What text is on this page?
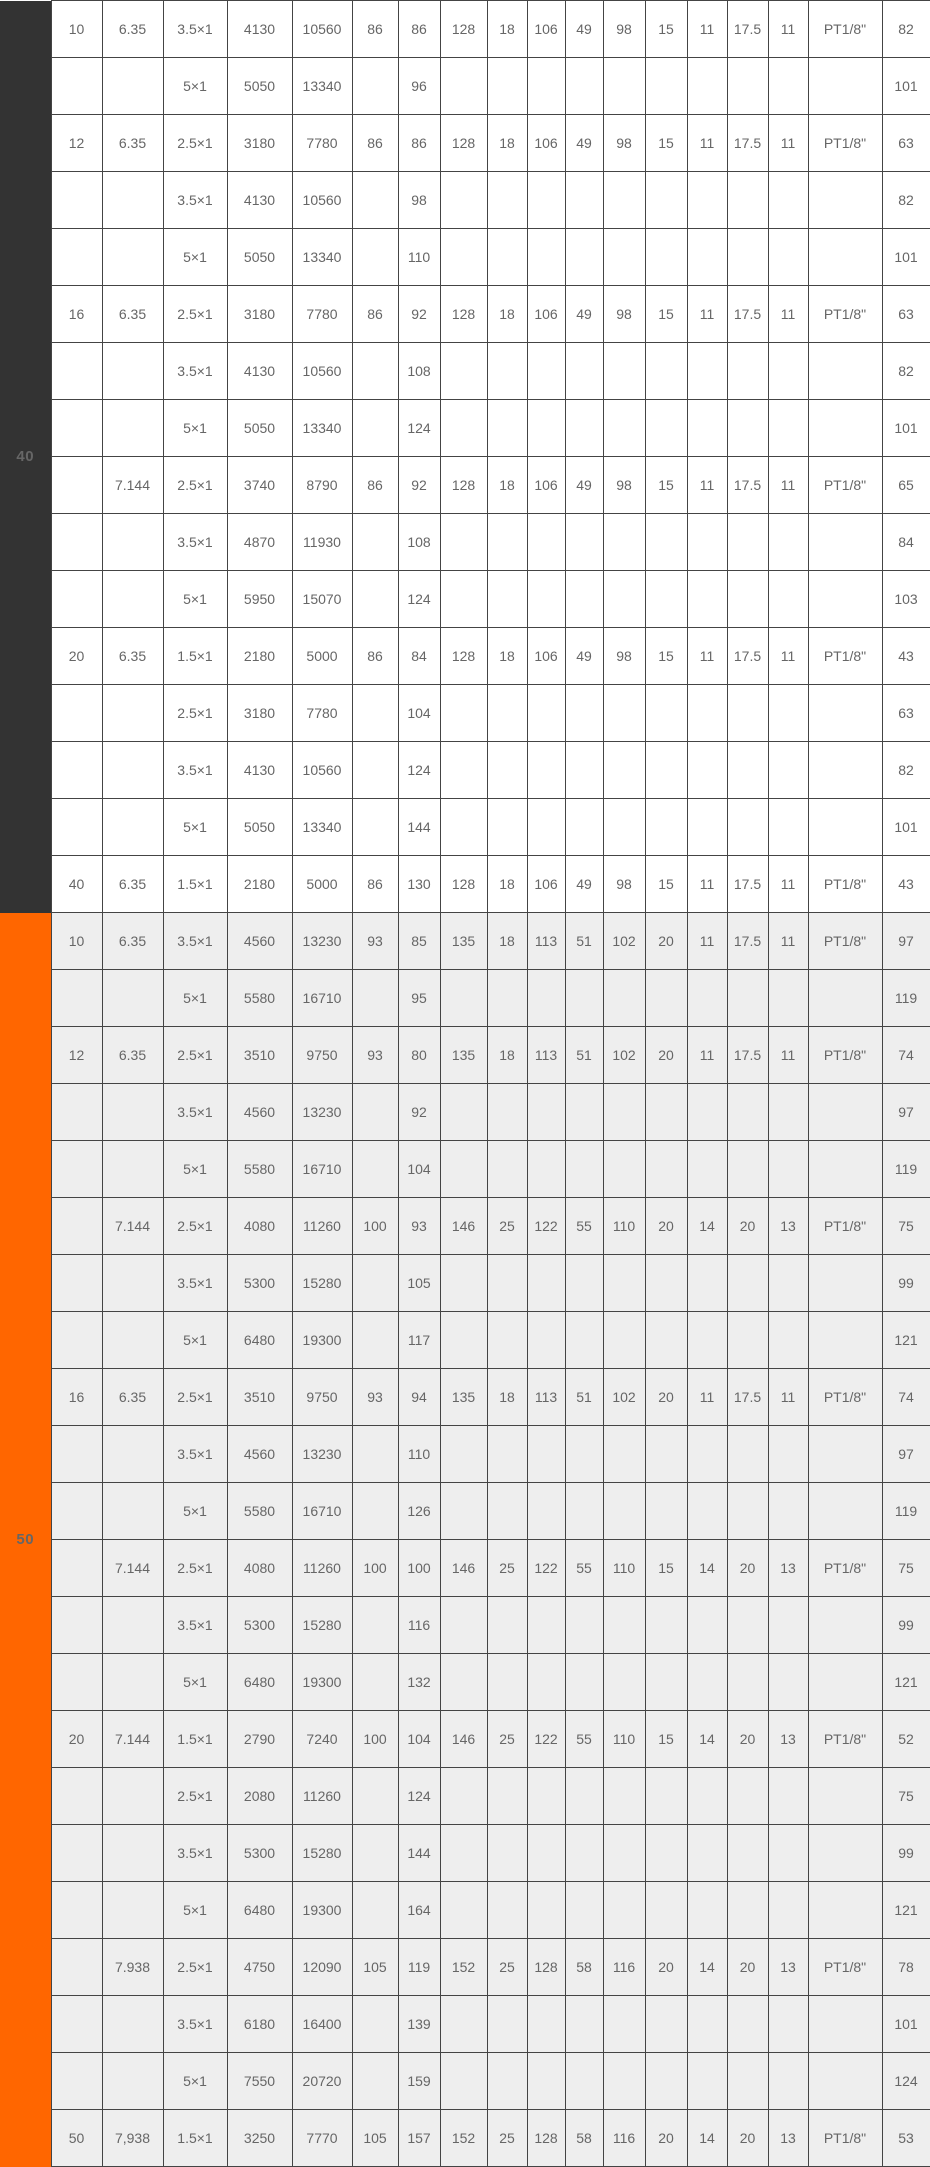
40	10	6.35	3.5×1	4130	10560	86	86	128	18	106	49	98	15	11	17.5	11	PT1/8"	82
			5×1	5050	13340		96											101
	12	6.35	2.5×1	3180	7780	86	86	128	18	106	49	98	15	11	17.5	11	PT1/8"	63
			3.5×1	4130	10560		98											82
			5×1	5050	13340		110											101
	16	6.35	2.5×1	3180	7780	86	92	128	18	106	49	98	15	11	17.5	11	PT1/8"	63
			3.5×1	4130	10560		108											82
			5×1	5050	13340		124											101
		7.144	2.5×1	3740	8790	86	92	128	18	106	49	98	15	11	17.5	11	PT1/8"	65
			3.5×1	4870	11930		108											84
			5×1	5950	15070		124											103
	20	6.35	1.5×1	2180	5000	86	84	128	18	106	49	98	15	11	17.5	11	PT1/8"	43
			2.5×1	3180	7780		104											63
			3.5×1	4130	10560		124											82
			5×1	5050	13340		144											101
	40	6.35	1.5×1	2180	5000	86	130	128	18	106	49	98	15	11	17.5	11	PT1/8"	43
50	10	6.35	3.5×1	4560	13230	93	85	135	18	113	51	102	20	11	17.5	11	PT1/8"	97
			5×1	5580	16710		95											119
	12	6.35	2.5×1	3510	9750	93	80	135	18	113	51	102	20	11	17.5	11	PT1/8"	74
			3.5×1	4560	13230		92											97
			5×1	5580	16710		104											119
		7.144	2.5×1	4080	11260	100	93	146	25	122	55	110	20	14	20	13	PT1/8"	75
			3.5×1	5300	15280		105											99
			5×1	6480	19300		117											121
	16	6.35	2.5×1	3510	9750	93	94	135	18	113	51	102	20	11	17.5	11	PT1/8"	74
			3.5×1	4560	13230		110											97
			5×1	5580	16710		126											119
		7.144	2.5×1	4080	11260	100	100	146	25	122	55	110	15	14	20	13	PT1/8"	75
			3.5×1	5300	15280		116											99
			5×1	6480	19300		132											121
	20	7.144	1.5×1	2790	7240	100	104	146	25	122	55	110	15	14	20	13	PT1/8"	52
			2.5×1	2080	11260		124											75
			3.5×1	5300	15280		144											99
			5×1	6480	19300		164											121
		7.938	2.5×1	4750	12090	105	119	152	25	128	58	116	20	14	20	13	PT1/8"	78
			3.5×1	6180	16400		139											101
			5×1	7550	20720		159											124
	50	7,938	1.5×1	3250	7770	105	157	152	25	128	58	116	20	14	20	13	PT1/8"	53
